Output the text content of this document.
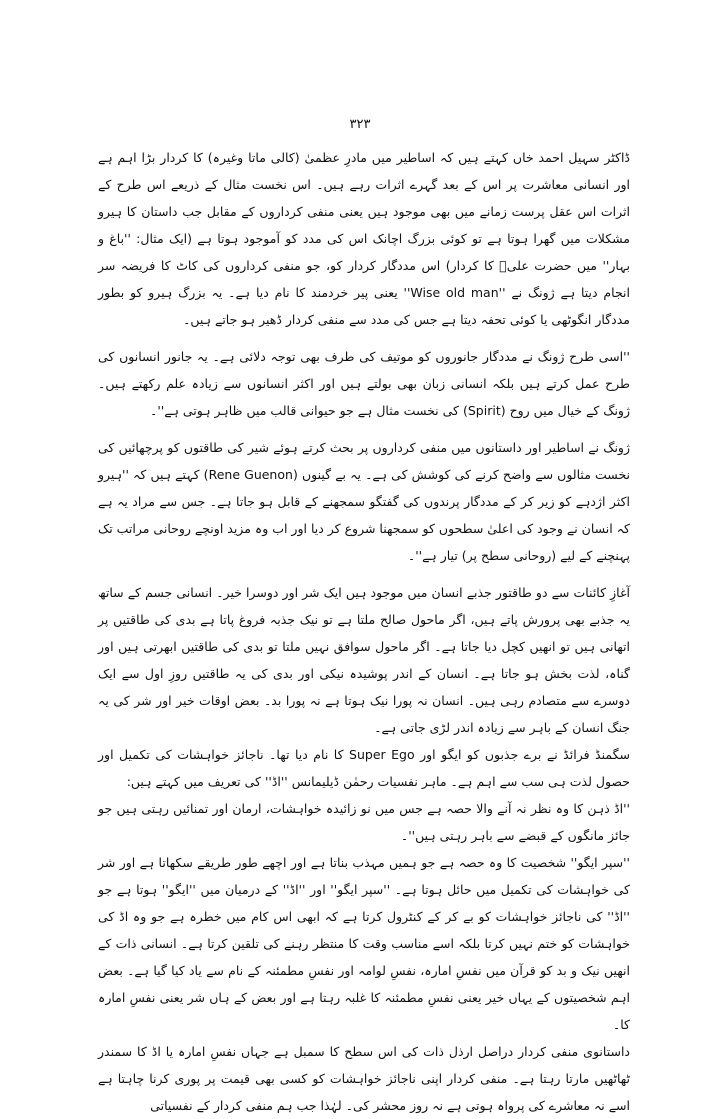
۳۲۳

ڈاکٹر سہیل احمد خاں کہتے ہیں کہ اساطیر میں مادرِ عظمیٰ (کالی ماتا وغیرہ) کا کردار بڑا اہم ہے اور انسانی معاشرت پر اس کے بعد گہرے اثرات رہے ہیں۔ اس نخست مثال کے ذریعے اس طرح کے اثرات اس عقل پرست زمانے میں بھی موجود ہیں یعنی منفی کرداروں کے مقابل جب داستان کا ہیرو مشکلات میں گھرا ہوتا ہے تو کوئی بزرگ اچانک اس کی مدد کو آموجود ہوتا ہے (ایک مثال: ''باغ و بہار'' میں حضرت علیؓ کا کردار) اس مددگار کردار کو، جو منفی کرداروں کی کاٹ کا فریضہ سر انجام دیتا ہے ژونگ نے ''Wise old man'' یعنی پیر خردمند کا نام دیا ہے۔ یہ بزرگ ہیرو کو بطور مددگار انگوٹھی یا کوئی تحفہ دیتا ہے جس کی مدد سے منفی کردار ڈھیر ہو جاتے ہیں۔

''اسی طرح ژونگ نے مددگار جانوروں کو موتیف کی طرف بھی توجہ دلائی ہے۔ یہ جانور انسانوں کی طرح عمل کرتے ہیں بلکہ انسانی زبان بھی بولتے ہیں اور اکثر انسانوں سے زیادہ علم رکھتے ہیں۔ ژونگ کے خیال میں روح (Spirit) کی نخست مثال ہے جو حیوانی قالب میں ظاہر ہوتی ہے''۔

ژونگ نے اساطیر اور داستانوں میں منفی کرداروں پر بحث کرتے ہوئے شیر کی طاقتوں کو پرچھائیں کی نخست مثالوں سے واضح کرنے کی کوشش کی ہے۔ یہ بے گینوں (Rene Guenon) کہتے ہیں کہ ''ہیرو اکثر اژدہے کو زیر کر کے مددگار پرندوں کی گفتگو سمجھنے کے قابل ہو جاتا ہے۔ جس سے مراد یہ ہے کہ انسان نے وجود کی اعلیٰ سطحوں کو سمجھنا شروع کر دیا اور اب وہ مزید اونچے روحانی مراتب تک پہنچنے کے لیے (روحانی سطح پر) تیار ہے''۔

آغازِ کائنات سے دو طاقتور جذبے انسان میں موجود ہیں ایک شر اور دوسرا خیر۔ انسانی جسم کے ساتھ یہ جذبے بھی پرورش پاتے ہیں، اگر ماحول صالح ملتا ہے تو نیک جذبہ فروغ پاتا ہے بدی کی طاقتیں پر اتھانی ہیں تو انھیں کچل دیا جاتا ہے۔ اگر ماحول سوافق نہیں ملتا تو بدی کی طاقتیں ابھرتی ہیں اور گناہ، لذت بخش ہو جاتا ہے۔ انسان کے اندر پوشیدہ نیکی اور بدی کی یہ طاقتیں روزِ اول سے ایک دوسرے سے متصادم رہی ہیں۔ انسان نہ پورا نیک ہوتا ہے نہ پورا بد۔ بعض اوقات خیر اور شر کی یہ جنگ انسان کے باہر سے زیادہ اندر لڑی جاتی ہے۔

سگمنڈ فرائڈ نے برے جذبوں کو ایگو اور Super Ego کا نام دیا تھا۔ ناجائز خواہشات کی تکمیل اور حصول لذت ہی سب سے اہم ہے۔ ماہر نفسیات رحمٰن ڈیلیمانس ''اڈ'' کی تعریف میں کہتے ہیں:

''اڈ ذہن کا وہ نظر نہ آنے والا حصہ ہے جس میں نو زائیدہ خواہشات، ارمان اور تمنائیں رہتی ہیں جو جائز مانگوں کے قبضے سے باہر رہتی ہیں''۔

''سپر ایگو'' شخصیت کا وہ حصہ ہے جو ہمیں مہذب بناتا ہے اور اچھے طور طریقے سکھاتا ہے اور شر کی خواہشات کی تکمیل میں حائل ہوتا ہے۔ ''سپر ایگو'' اور ''اڈ'' کے درمیان میں ''ایگو'' ہوتا ہے جو ''اڈ'' کی ناجائز خواہشات کو بے کر کے کنٹرول کرتا ہے کہ ابھی اس کام میں خطرہ ہے جو وہ اڈ کی خواہشات کو ختم نہیں کرتا بلکہ اسے مناسب وقت کا منتظر رہنے کی تلقین کرتا ہے۔ انسانی ذات کے انھیں نیک و بد کو قرآن میں نفسِ امارہ، نفسِ لوامہ اور نفسِ مطمئنہ کے نام سے یاد کیا گیا ہے۔ بعض اہم شخصیتوں کے یہاں خیر یعنی نفسِ مطمئنہ کا غلبہ رہتا ہے اور بعض کے ہاں شر یعنی نفسِ امارہ کا۔

داستانوی منفی کردار دراصل ارذل ذات کی اس سطح کا سمبل ہے جہاں نفسِ امارہ یا اڈ کا سمندر ٹھاٹھیں مارتا رہتا ہے۔ منفی کردار اپنی ناجائز خواہشات کو کسی بھی قیمت پر پوری کرنا چاہتا ہے اسے نہ معاشرے کی پرواہ ہوتی ہے نہ روز محشر کی۔ لہٰذا جب ہم منفی کردار کے نفسیاتی
